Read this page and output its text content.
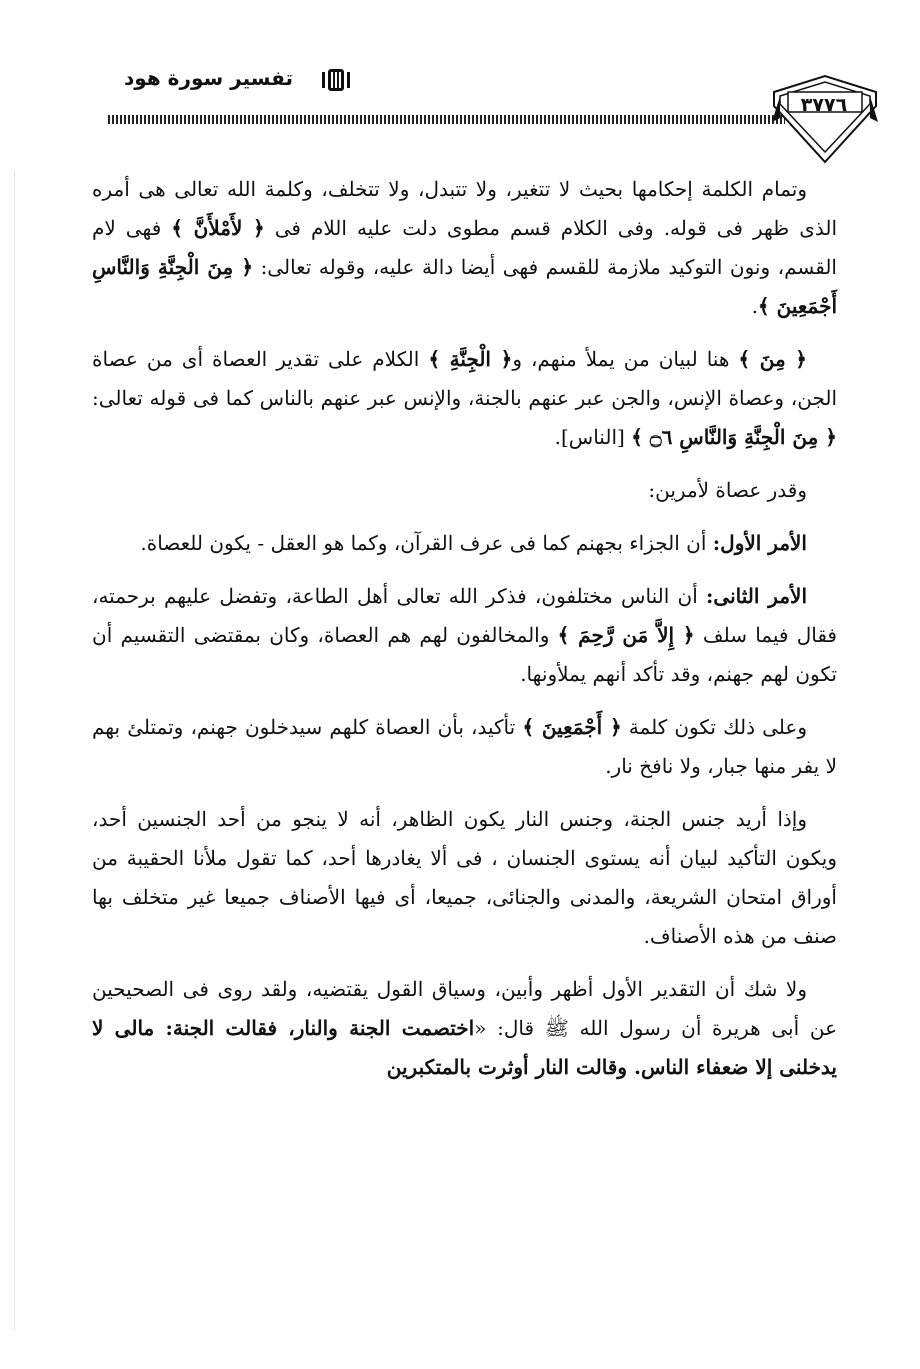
تفسير سورة هود
٣٧٧٦

وتمام الكلمة إحكامها بحيث لا تتغير، ولا تتبدل، ولا تتخلف، وكلمة الله تعالى هى أمره الذى ظهر فى قوله. وفى الكلام قسم مطوى دلت عليه اللام فى ﴿ لأَمْلأَنَّ ﴾ فهى لام القسم، ونون التوكيد ملازمة للقسم فهى أيضا دالة عليه، وقوله تعالى: ﴿ مِنَ الْجِنَّةِ وَالنَّاسِ أَجْمَعِينَ ﴾.

﴿ مِنَ ﴾ هنا لبيان من يملأ منهم، و﴿ الْجِنَّةِ ﴾ الكلام على تقدير العصاة أى من عصاة الجن، وعصاة الإنس، والجن عبر عنهم بالجنة، والإنس عبر عنهم بالناس كما فى قوله تعالى: ﴿ مِنَ الْجِنَّةِ وَالنَّاسِ ۝٦ ﴾ [الناس].

وقدر عصاة لأمرين:

الأمر الأول: أن الجزاء بجهنم كما فى عرف القرآن، وكما هو العقل - يكون للعصاة.

الأمر الثانى: أن الناس مختلفون، فذكر الله تعالى أهل الطاعة، وتفضل عليهم برحمته، فقال فيما سلف ﴿ إِلاَّ مَن رَّحِمَ ﴾ والمخالفون لهم هم العصاة، وكان بمقتضى التقسيم أن تكون لهم جهنم، وقد تأكد أنهم يملأونها.

وعلى ذلك تكون كلمة ﴿ أَجْمَعِينَ ﴾ تأكيد، بأن العصاة كلهم سيدخلون جهنم، وتمتلئ بهم لا يفر منها جبار، ولا نافخ نار.

وإذا أريد جنس الجنة، وجنس النار يكون الظاهر، أنه لا ينجو من أحد الجنسين أحد، ويكون التأكيد لبيان أنه يستوى الجنسان ، فى ألا يغادرها أحد، كما تقول ملأنا الحقيبة من أوراق امتحان الشريعة، والمدنى والجنائى، جميعا، أى فيها الأصناف جميعا غير متخلف بها صنف من هذه الأصناف.

ولا شك أن التقدير الأول أظهر وأبين، وسياق القول يقتضيه، ولقد روى فى الصحيحين عن أبى هريرة أن رسول الله ﷺ قال: «اختصمت الجنة والنار، فقالت الجنة: مالى لا يدخلنى إلا ضعفاء الناس. وقالت النار أوثرت بالمتكبرين
